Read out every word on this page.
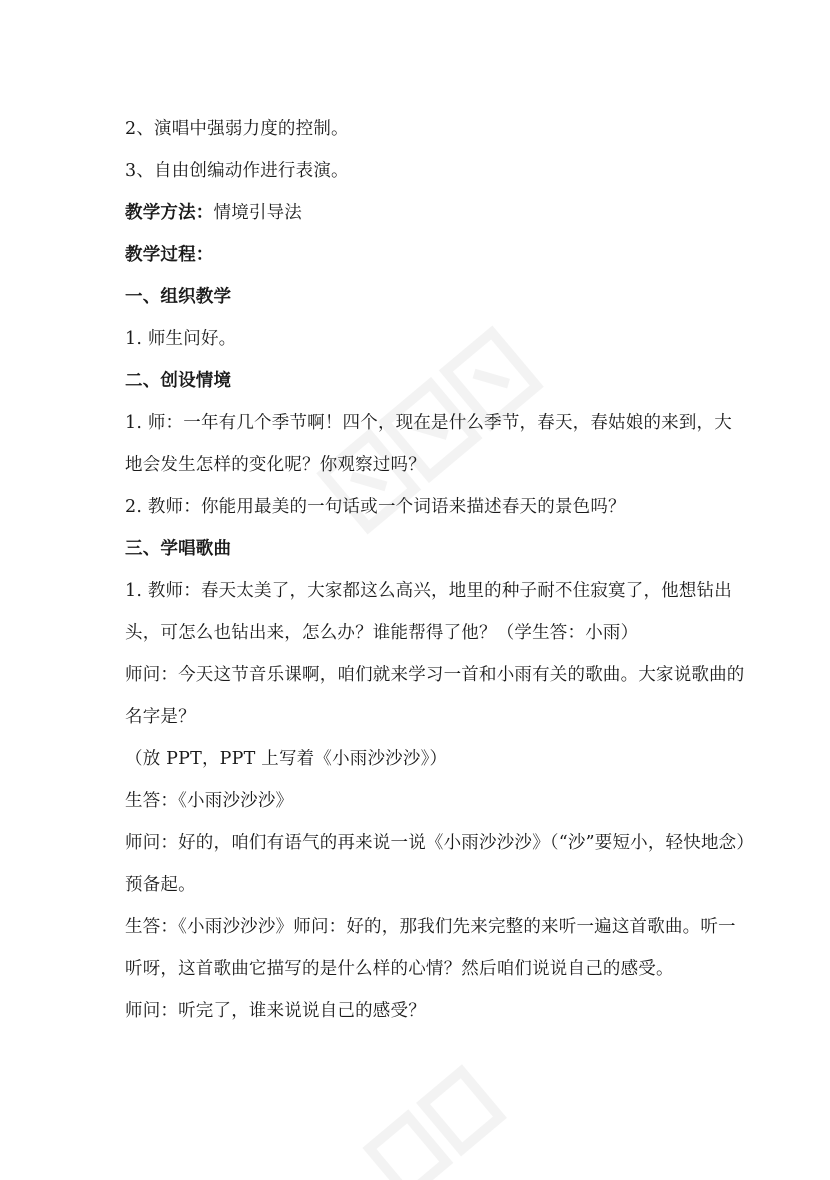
2、演唱中强弱力度的控制。
3、自由创编动作进行表演。
教学方法：情境引导法
教学过程：
一、组织教学
1. 师生问好。
二、创设情境
1. 师：一年有几个季节啊！四个，现在是什么季节，春天，春姑娘的来到，大
地会发生怎样的变化呢？你观察过吗？
2. 教师：你能用最美的一句话或一个词语来描述春天的景色吗？
三、学唱歌曲
1. 教师：春天太美了，大家都这么高兴，地里的种子耐不住寂寞了，他想钻出
头，可怎么也钻出来，怎么办？谁能帮得了他？（学生答：小雨）
师问：今天这节音乐课啊，咱们就来学习一首和小雨有关的歌曲。大家说歌曲的
名字是？
（放 PPT，PPT 上写着《小雨沙沙沙》）
生答：《小雨沙沙沙》
师问：好的，咱们有语气的再来说一说《小雨沙沙沙》（“沙”要短小，轻快地念）
预备起。
生答：《小雨沙沙沙》师问：好的，那我们先来完整的来听一遍这首歌曲。听一
听呀，这首歌曲它描写的是什么样的心情？然后咱们说说自己的感受。
师问：听完了，谁来说说自己的感受？
